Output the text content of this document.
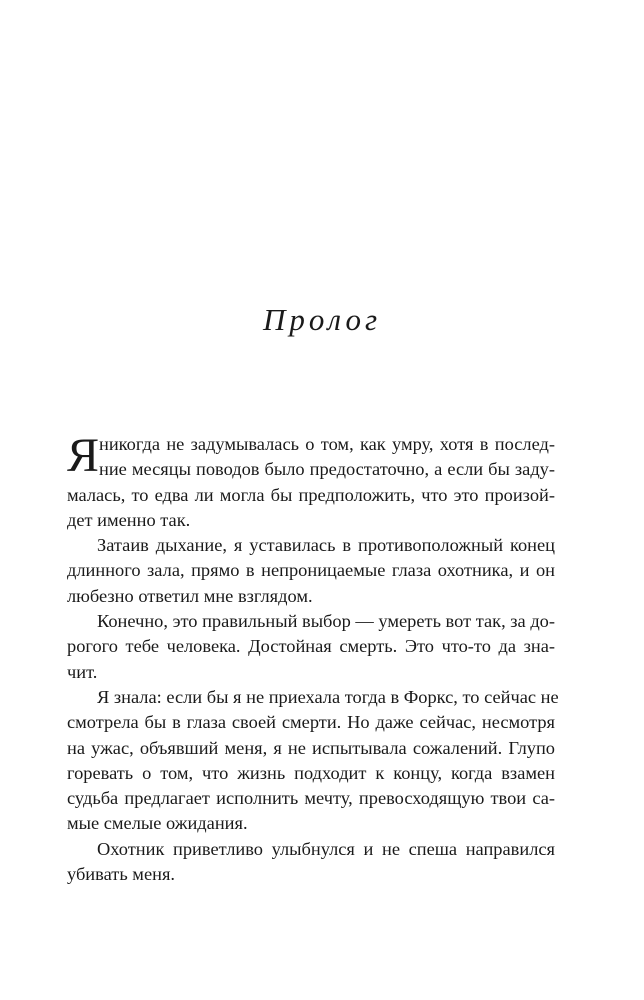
Пролог
Я никогда не задумывалась о том, как умру, хотя в послед-
ние месяцы поводов было предостаточно, а если бы заду-
малась, то едва ли могла бы предположить, что это произой-
дет именно так.
Затаив дыхание, я уставилась в противоположный конец
длинного зала, прямо в непроницаемые глаза охотника, и он
любезно ответил мне взглядом.
Конечно, это правильный выбор — умереть вот так, за до-
рогого тебе человека. Достойная смерть. Это что-то да зна-
чит.
Я знала: если бы я не приехала тогда в Форкс, то сейчас не
смотрела бы в глаза своей смерти. Но даже сейчас, несмотря
на ужас, объявший меня, я не испытывала сожалений. Глупо
горевать о том, что жизнь подходит к концу, когда взамен
судьба предлагает исполнить мечту, превосходящую твои са-
мые смелые ожидания.
Охотник приветливо улыбнулся и не спеша направился
убивать меня.
